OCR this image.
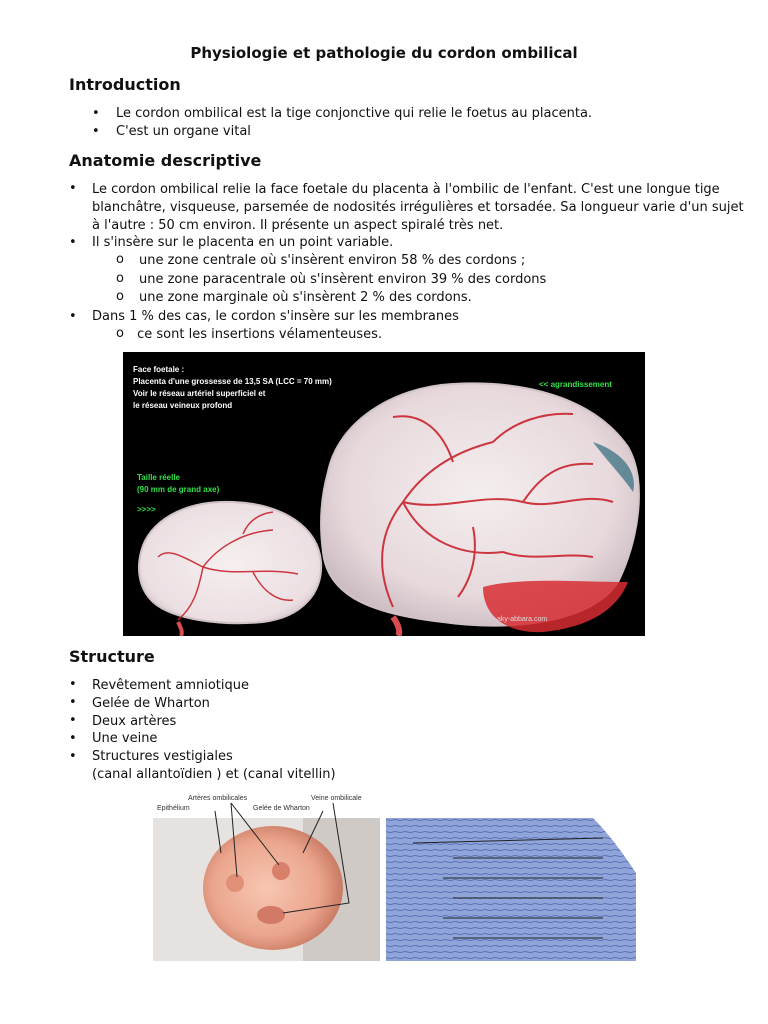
Physiologie et pathologie du cordon ombilical
Introduction
• Le cordon ombilical est la tige conjonctive qui relie le foetus au placenta.
• C'est un organe vital
Anatomie descriptive
• Le cordon ombilical relie la face foetale du placenta à l'ombilic de l'enfant. C'est une longue tige
blanchâtre, visqueuse, parsemée de nodosités irrégulières et torsadée. Sa longueur varie d'un sujet
à l'autre : 50 cm environ. Il présente un aspect spiralé très net.
• Il s'insère sur le placenta en un point variable.
o une zone centrale où s'insèrent environ 58 % des cordons ;
o une zone paracentrale où s'insèrent environ 39 % des cordons
o une zone marginale où s'insèrent 2 % des cordons.
• Dans 1 % des cas, le cordon s'insère sur les membranes
o ce sont les insertions vélamenteuses.
Face foetale :
Placenta d'une grossesse de 13,5 SA (LCC = 70 mm)
Voir le réseau artériel superficiel et
le réseau veineux profond
<< agrandissement
Taille réelle
(90 mm de grand axe)
>>>>
aky-abbara.com
Structure
• Revêtement amniotique
• Gelée de Wharton
• Deux artères
• Une veine
• Structures vestigiales
(canal allantoïdien ) et (canal vitellin)
Artères ombilicales	Veine ombilicale
Epithélium	Gelée de Wharton
